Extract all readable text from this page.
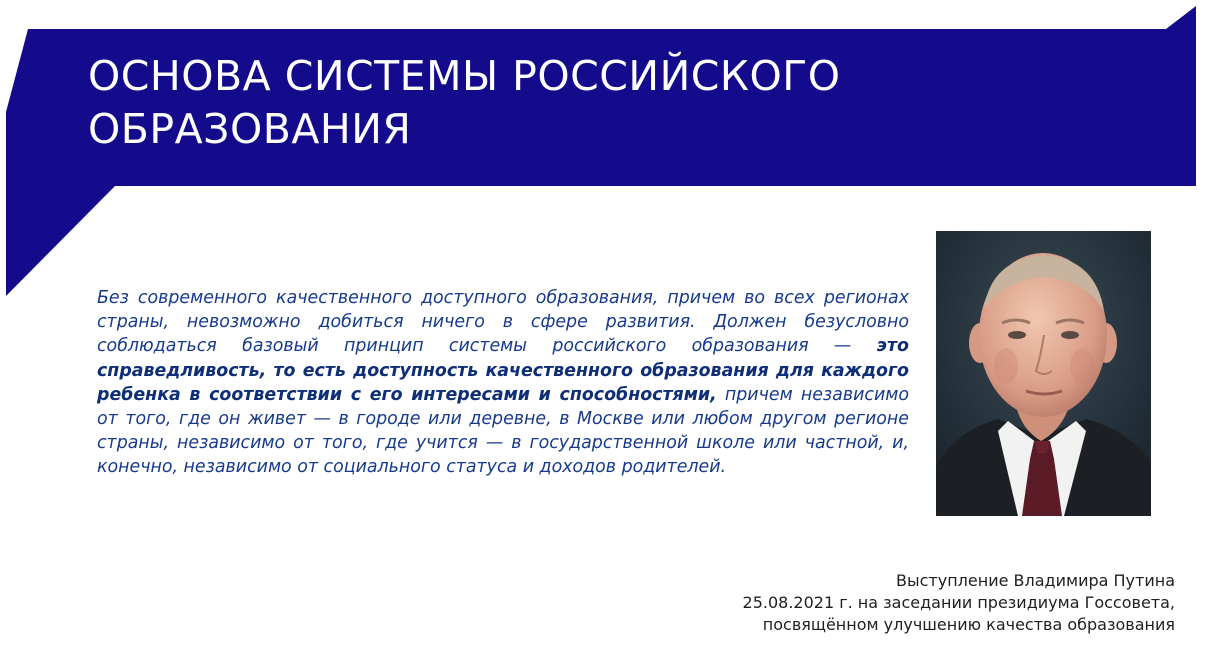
ОСНОВА СИСТЕМЫ РОССИЙСКОГО
ОБРАЗОВАНИЯ

Без современного качественного доступного образования, причем во всех регионах страны, невозможно добиться ничего в сфере развития. Должен безусловно соблюдаться базовый принцип системы российского образования — это справедливость, то есть доступность качественного образования для каждого ребенка в соответствии с его интересами и способностями, причем независимо от того, где он живет — в городе или деревне, в Москве или любом другом регионе страны, независимо от того, где учится — в государственной школе или частной, и, конечно, независимо от социального статуса и доходов родителей.

Выступление Владимира Путина
25.08.2021 г. на заседании президиума Госсовета,
посвящённом улучшению качества образования
